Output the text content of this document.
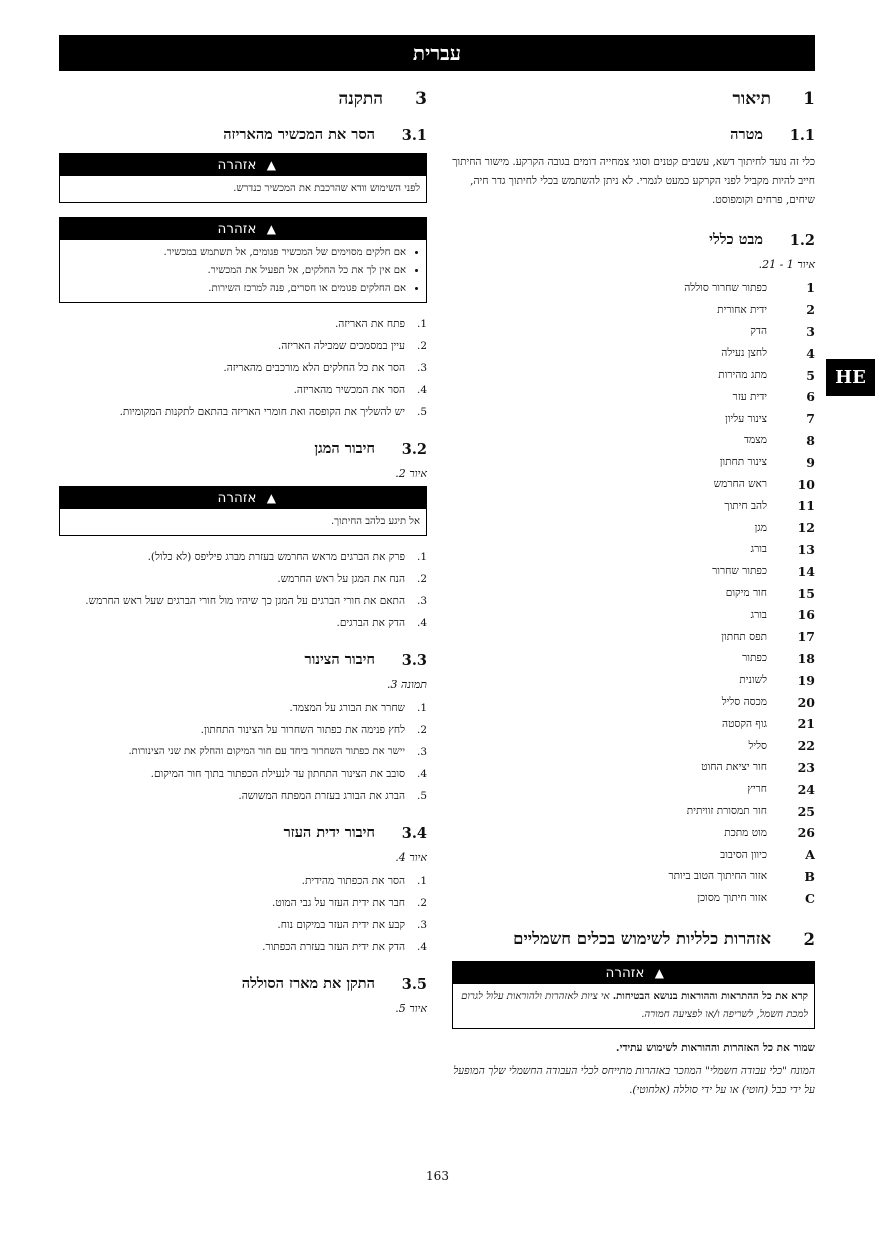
עברית
HE
1
תיאור
1.1
מטרה

כלי זה נועד לחיתוך דשא, עשבים קטנים וסוגי צמחייה דומים בגובה הקרקע. מישור החיתוך חייב להיות מקביל לפני הקרקע כמעט לגמרי. לא ניתן להשתמש בכלי לחיתוך גדר חיה, שיחים, פרחים וקומפוסט.

1.2
מבט כללי
איור 1 - 21.
1
כפתור שחרור סוללה
2
ידית אחורית
3
הדק
4
לחצן נעילה
5
מתג מהירות
6
ידית עזר
7
צינור עליון
8
מצמד
9
צינור תחתון
10
ראש החרמש
11
להב חיתוך
12
מגן
13
בורג
14
כפתור שחרור
15
חור מיקום
16
בורג
17
תפס תחתון
18
כפתור
19
לשונית
20
מכסה סליל
21
גוף הקסטה
22
סליל
23
חור יציאת החוט
24
חריץ
25
חור תמסורת זוויתית
26
מוט מתכת
A
כיוון הסיבוב
B
אזור החיתוך הטוב ביותר
C
אזור חיתוך מסוכן
2
אזהרות כלליות לשימוש בכלים חשמליים
▲ אזהרה
קרא את כל ההתראות וההוראות בנושא הבטיחות. אי ציות לאזהרות ולהוראות עלול לגרום למכת חשמל, לשריפה ו/או לפציעה חמורה.

שמור את כל האזהרות וההוראות לשימוש עתידי.

המונח "כלי עבודה חשמלי" המוזכר באזהרות מתייחס לכלי העבודה החשמלי שלך המופעל על ידי כבל (חוטי) או על ידי סוללה (אלחוטי).

3
התקנה
3.1
הסר את המכשיר מהאריזה
▲ אזהרה
לפני השימוש וודא שהרכבת את המכשיר כנדרש.
▲ אזהרה
• אם חלקים מסוימים של המכשיר פגומים, אל תשתמש במכשיר.
• אם אין לך את כל החלקים, אל תפעיל את המכשיר.
• אם החלקים פגומים או חסרים, פנה למרכז השירות.
1.
פתח את האריזה.
2.
עיין במסמכים שמכילה האריזה.
3.
הסר את כל החלקים הלא מורכבים מהאריזה.
4.
הסר את המכשיר מהאריזה.
5.
יש להשליך את הקופסה ואת חומרי האריזה בהתאם לתקנות המקומיות.
3.2
חיבור המגן
איור 2.
▲ אזהרה
אל תיגע בלהב החיתוך.
1.
פרק את הברגים מראש החרמש בעזרת מברג פיליפס (לא כלול).
2.
הנח את המגן על ראש החרמש.
3.
התאם את חורי הברגים על המגן כך שיהיו מול חורי הברגים שעל ראש החרמש.
4.
הדק את הברגים.
3.3
חיבור הצינור
תמונה 3.
1.
שחרר את הבורג על המצמד.
2.
לחץ פנימה את כפתור השחרור על הצינור התחתון.
3.
יישר את כפתור השחרור ביחד עם חור המיקום והחלק את שני הצינורות.
4.
סובב את הצינור התחתון עד לנעילת הכפתור בתוך חור המיקום.
5.
הברג את הבורג בעזרת המפתח המשושה.
3.4
חיבור ידית העזר
איור 4.
1.
הסר את הכפתור מהידית.
2.
חבר את ידית העזר על גבי המוט.
3.
קבע את ידית העזר במיקום נוח.
4.
הדק את ידית העזר בעזרת הכפתור.
3.5
התקן את מארז הסוללה
איור 5.
163
